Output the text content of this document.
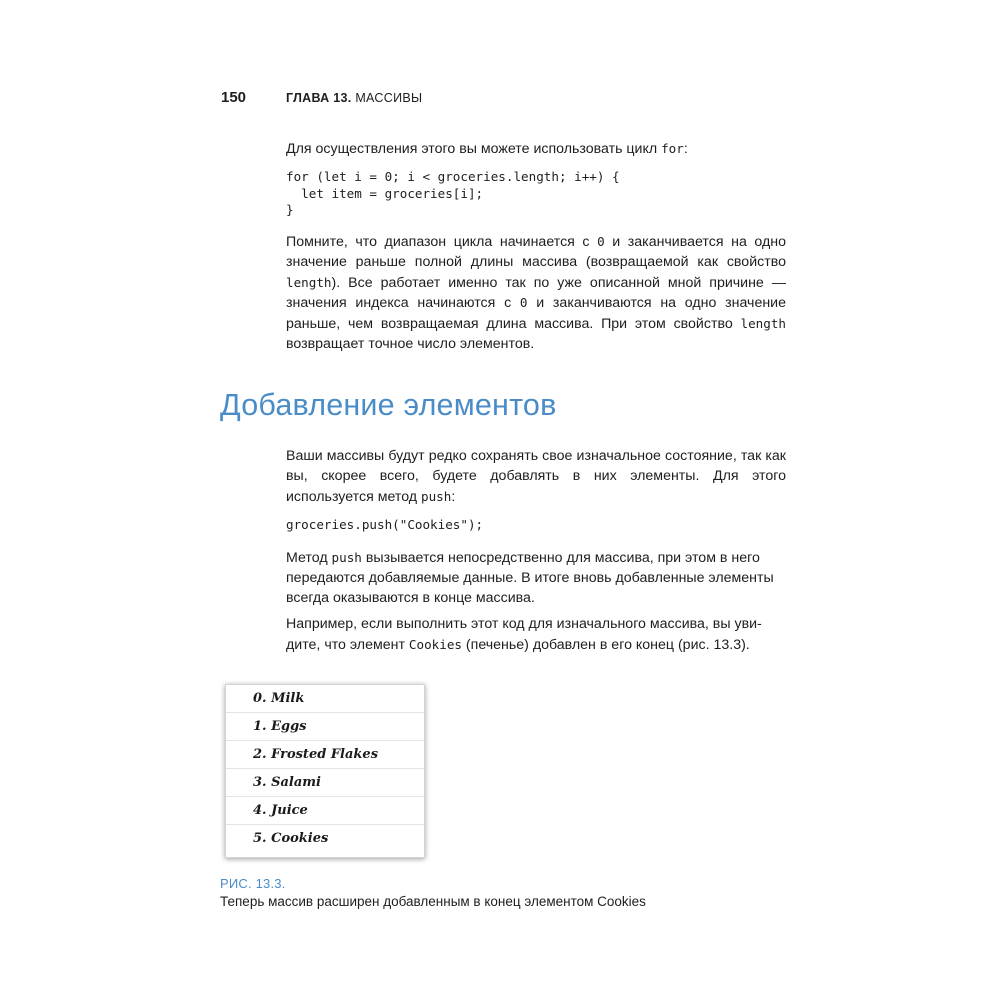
150	ГЛАВА 13. МАССИВЫ

Для осуществления этого вы можете использовать цикл for:

for (let i = 0; i < groceries.length; i++) {
let item = groceries[i];
}

Помните, что диапазон цикла начинается с 0 и заканчивается на одно значение раньше полной длины массива (возвращаемой как свойство length). Все работает именно так по уже описанной мной причине — значения индекса начинаются с 0 и заканчиваются на одно значение раньше, чем возвращаемая длина массива. При этом свойство length возвращает точное число элементов.

Добавление элементов

Ваши массивы будут редко сохранять свое изначальное состояние, так как вы, скорее всего, будете добавлять в них элементы. Для этого используется метод push:

groceries.push("Cookies");

Метод push вызывается непосредственно для массива, при этом в него передаются добавляемые данные. В итоге вновь добавленные элементы всегда оказываются в конце массива.

Например, если выполнить этот код для изначального массива, вы увидите, что элемент Cookies (печенье) добавлен в его конец (рис. 13.3).

0. Milk
1. Eggs
2. Frosted Flakes
3. Salami
4. Juice
5. Cookies
РИС. 13.3.
Теперь массив расширен добавленным в конец элементом Cookies
